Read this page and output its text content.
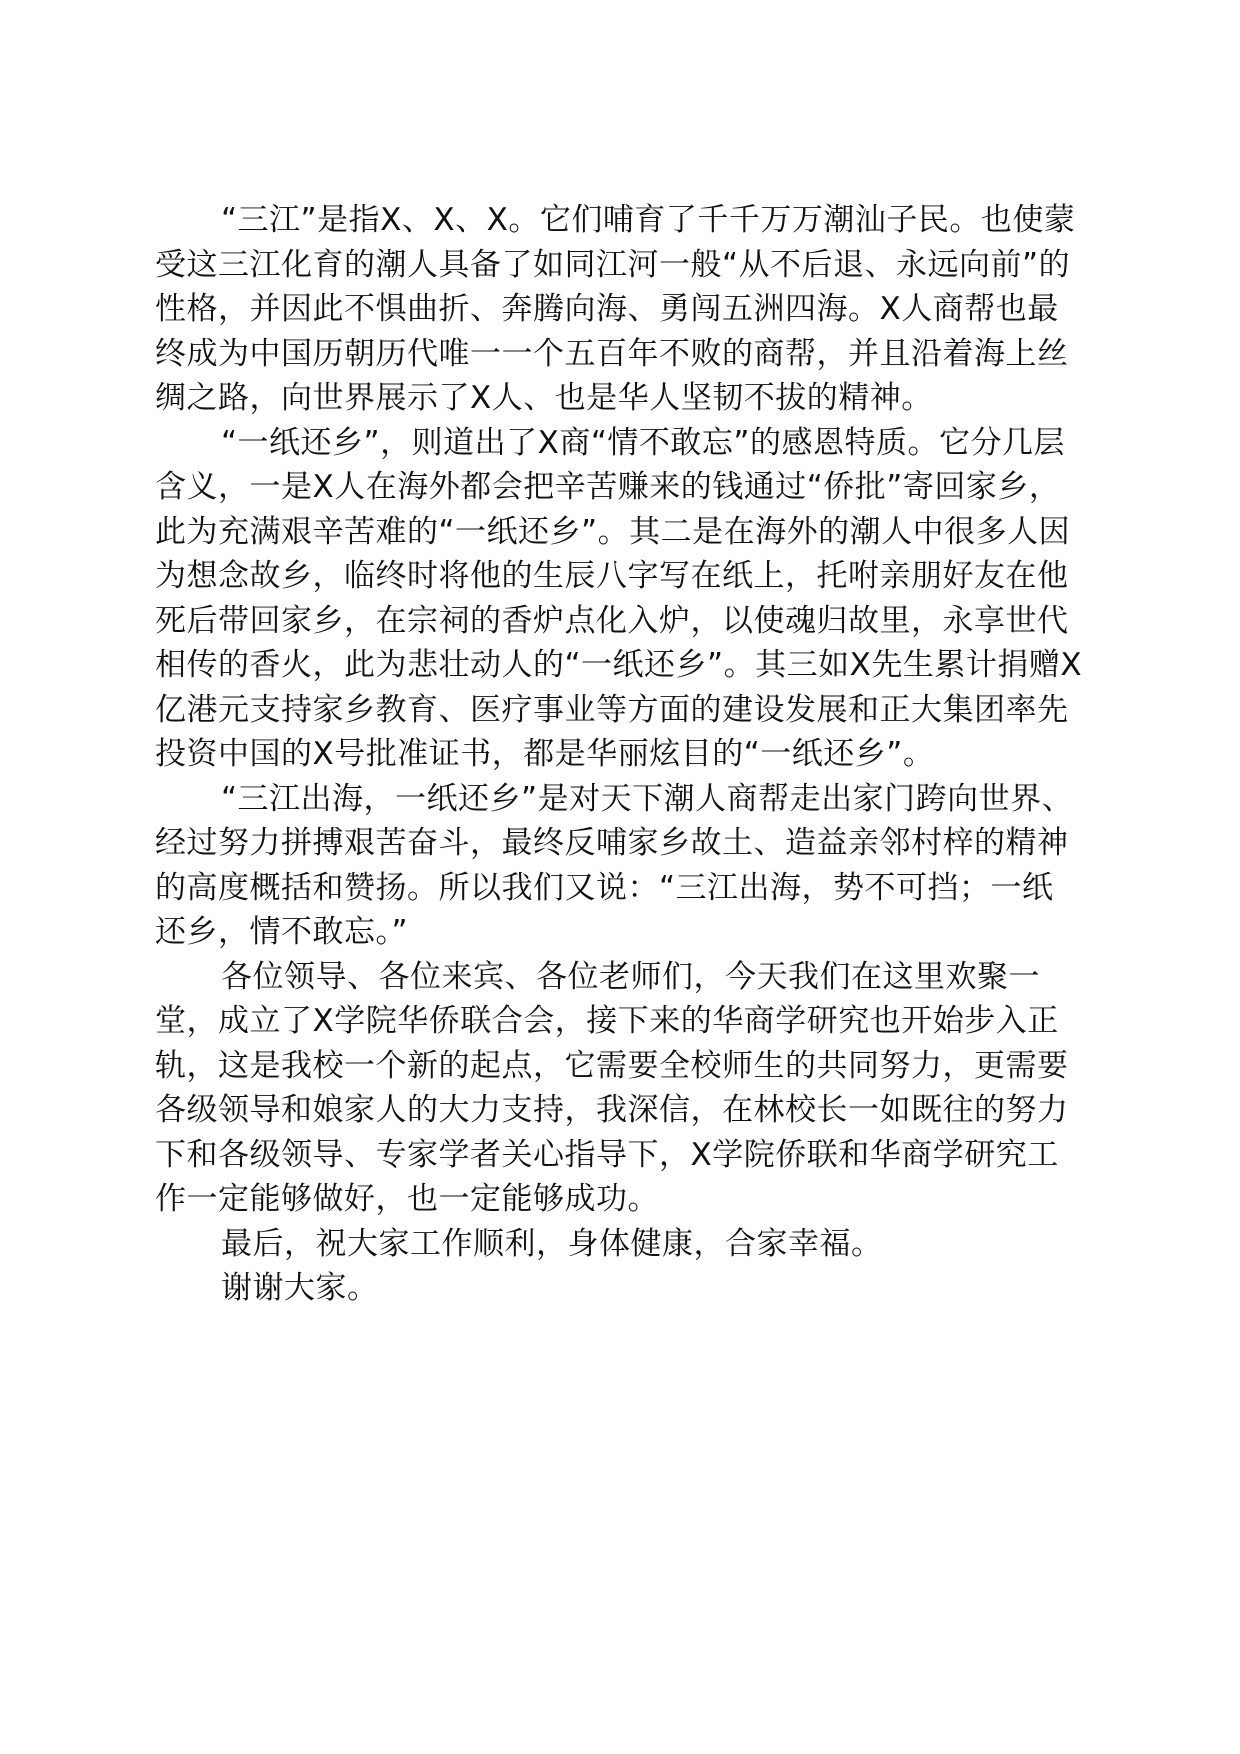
“三江”是指X、X、X。它们哺育了千千万万潮汕子民。也使蒙受这三江化育的潮人具备了如同江河一般“从不后退、永远向前”的性格，并因此不惧曲折、奔腾向海、勇闯五洲四海。X人商帮也最终成为中国历朝历代唯一一个五百年不败的商帮，并且沿着海上丝绸之路，向世界展示了X人、也是华人坚韧不拔的精神。

“一纸还乡”，则道出了X商“情不敢忘”的感恩特质。它分几层含义，一是X人在海外都会把辛苦赚来的钱通过“侨批”寄回家乡，此为充满艰辛苦难的“一纸还乡”。其二是在海外的潮人中很多人因为想念故乡，临终时将他的生辰八字写在纸上，托咐亲朋好友在他死后带回家乡，在宗祠的香炉点化入炉，以使魂归故里，永享世代相传的香火，此为悲壮动人的“一纸还乡”。其三如X先生累计捐赠X亿港元支持家乡教育、医疗事业等方面的建设发展和正大集团率先投资中国的X号批准证书，都是华丽炫目的“一纸还乡”。

“三江出海，一纸还乡”是对天下潮人商帮走出家门跨向世界、经过努力拼搏艰苦奋斗，最终反哺家乡故土、造益亲邻村梓的精神的高度概括和赞扬。所以我们又说：“三江出海，势不可挡；一纸还乡，情不敢忘。”

各位领导、各位来宾、各位老师们，今天我们在这里欢聚一堂，成立了X学院华侨联合会，接下来的华商学研究也开始步入正轨，这是我校一个新的起点，它需要全校师生的共同努力，更需要各级领导和娘家人的大力支持，我深信，在林校长一如既往的努力下和各级领导、专家学者关心指导下，X学院侨联和华商学研究工作一定能够做好，也一定能够成功。

最后，祝大家工作顺利，身体健康，合家幸福。

谢谢大家。
